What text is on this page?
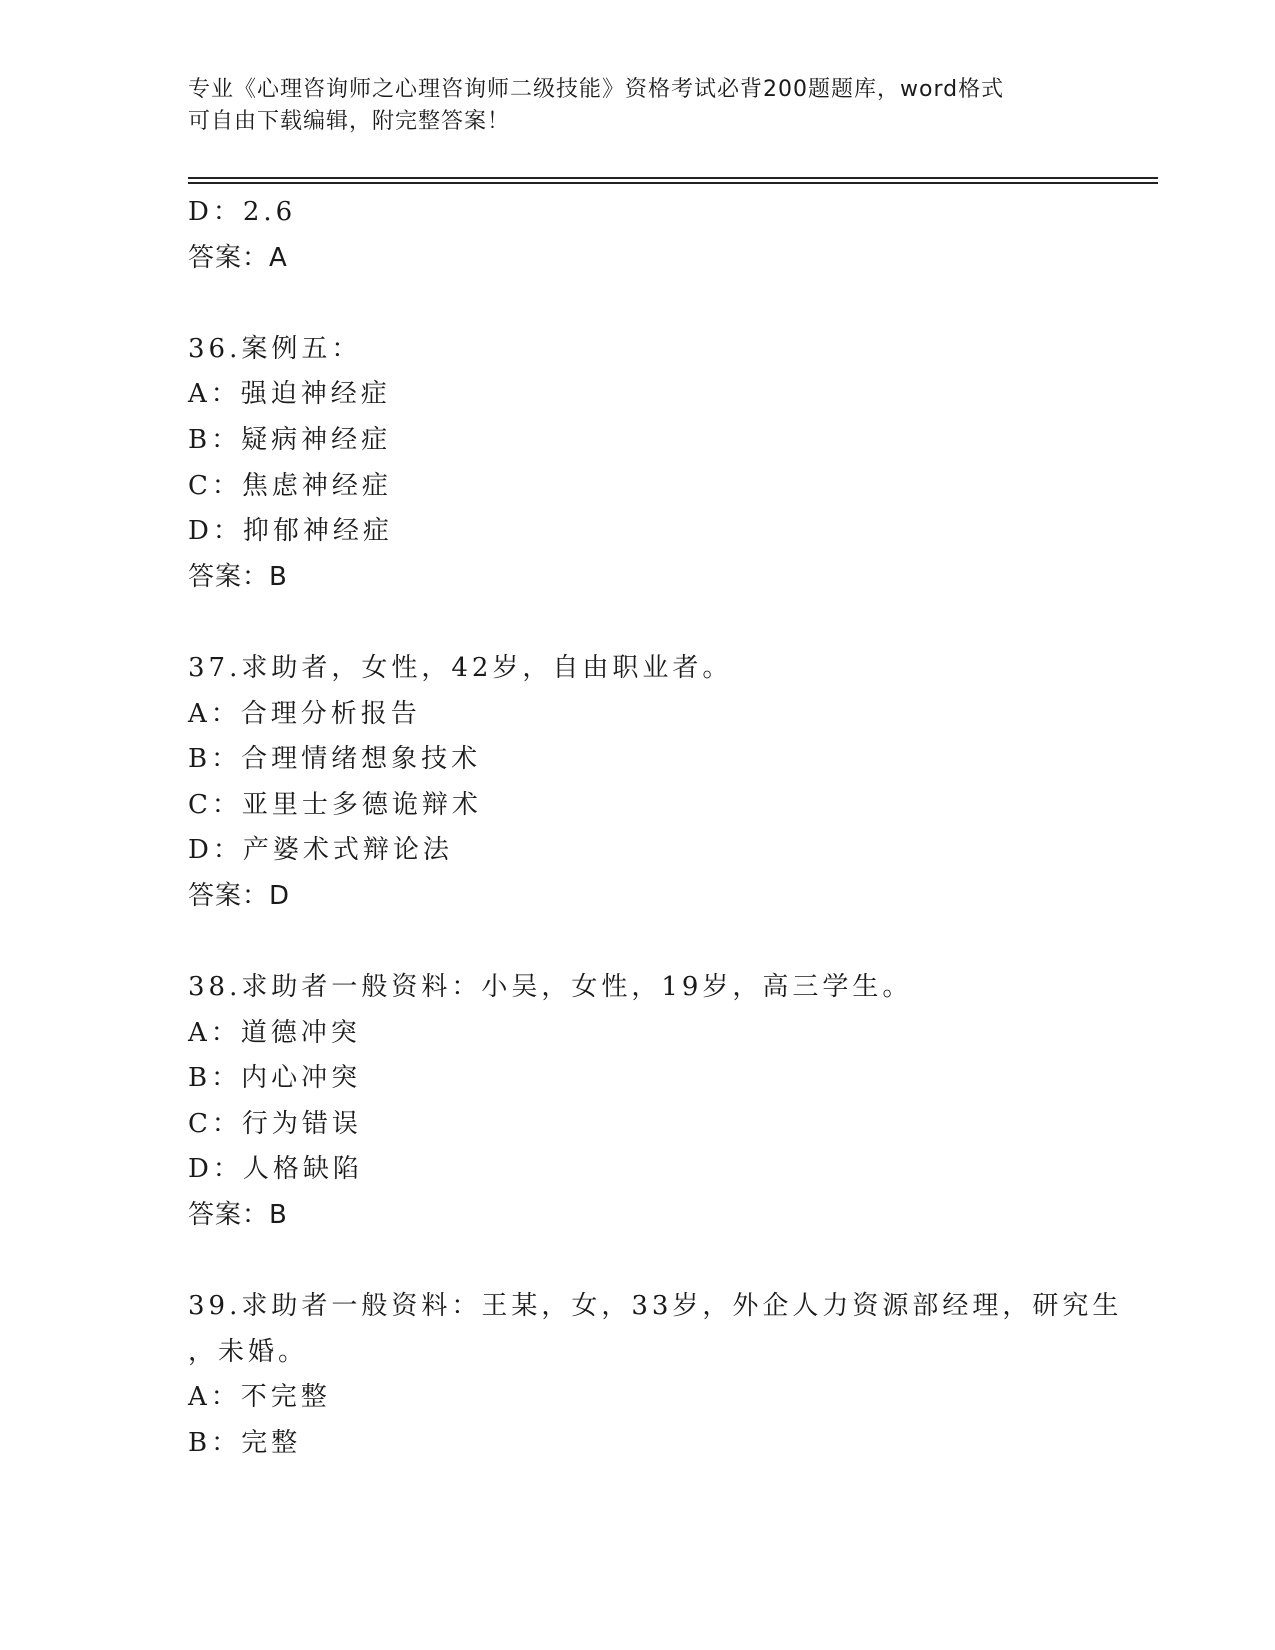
专业《心理咨询师之心理咨询师二级技能》资格考试必背200题题库，word格式
可自由下载编辑，附完整答案！
D：2.6
答案：A
36.案例五：
A：强迫神经症
B：疑病神经症
C：焦虑神经症
D：抑郁神经症
答案：B
37.求助者，女性，42岁，自由职业者。
A：合理分析报告
B：合理情绪想象技术
C：亚里士多德诡辩术
D：产婆术式辩论法
答案：D
38.求助者一般资料：小吴，女性，19岁，高三学生。
A：道德冲突
B：内心冲突
C：行为错误
D：人格缺陷
答案：B
39.求助者一般资料：王某，女，33岁，外企人力资源部经理，研究生
，未婚。
A：不完整
B：完整
